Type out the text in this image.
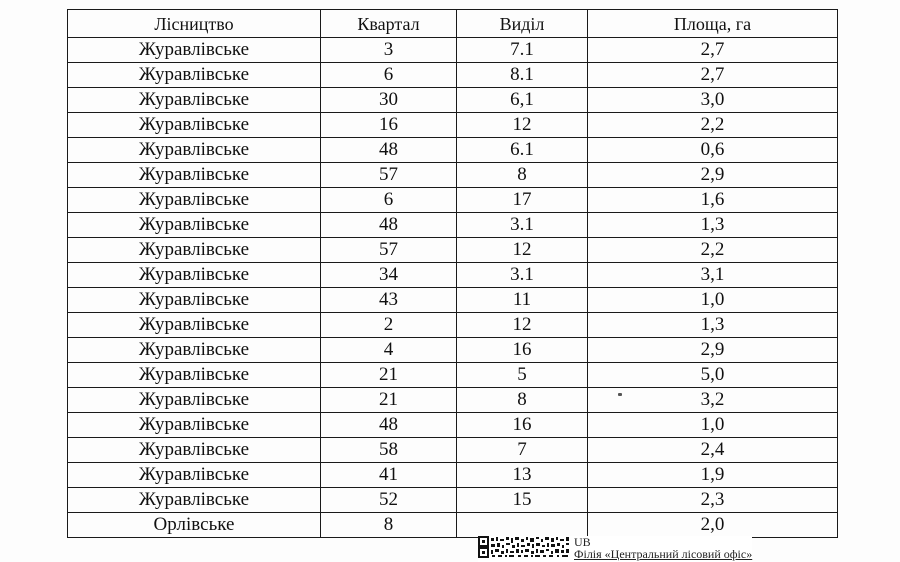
Лісництво	Квартал	Виділ	Площа, га
Журавлівське	3	7.1	2,7
Журавлівське	6	8.1	2,7
Журавлівське	30	6,1	3,0
Журавлівське	16	12	2,2
Журавлівське	48	6.1	0,6
Журавлівське	57	8	2,9
Журавлівське	6	17	1,6
Журавлівське	48	3.1	1,3
Журавлівське	57	12	2,2
Журавлівське	34	3.1	3,1
Журавлівське	43	11	1,0
Журавлівське	2	12	1,3
Журавлівське	4	16	2,9
Журавлівське	21	5	5,0
Журавлівське	21	8	3,2
Журавлівське	48	16	1,0
Журавлівське	58	7	2,4
Журавлівське	41	13	1,9
Журавлівське	52	15	2,3
Орлівське	8		2,0
UB
Філія «Центральний лісовий офіс»
